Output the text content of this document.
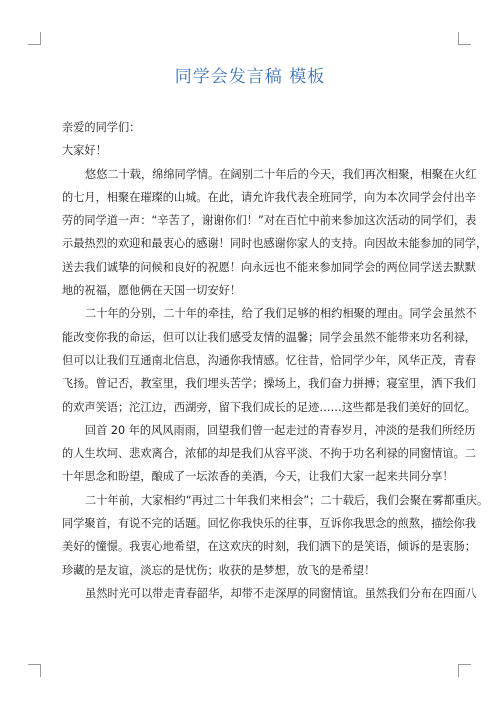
同学会发言稿 模板
亲爱的同学们：
大家好！
悠悠二十载，绵绵同学情。在阔别二十年后的今天，我们再次相聚，相聚在火红
的七月，相聚在璀璨的山城。在此，请允许我代表全班同学，向为本次同学会付出辛
劳的同学道一声：“辛苦了，谢谢你们！”对在百忙中前来参加这次活动的同学们，表
示最热烈的欢迎和最衷心的感谢！同时也感谢你家人的支持。向因故未能参加的同学，
送去我们诚挚的问候和良好的祝愿！向永远也不能来参加同学会的两位同学送去默默
地的祝福，愿他俩在天国一切安好！
二十年的分别，二十年的牵挂，给了我们足够的相约相聚的理由。同学会虽然不
能改变你我的命运，但可以让我们感受友情的温馨；同学会虽然不能带来功名利禄，
但可以让我们互通南北信息，沟通你我情感。忆往昔，恰同学少年，风华正茂，青春
飞扬。曾记否，教室里，我们埋头苦学；操场上，我们奋力拼搏；寝室里，洒下我们
的欢声笑语；沱江边，西湖旁，留下我们成长的足迹……这些都是我们美好的回忆。
回首 20 年的风风雨雨，回望我们曾一起走过的青春岁月，冲淡的是我们所经历
的人生坎坷、悲欢离合，浓郁的却是我们从容平淡、不拘于功名利禄的同窗情谊。二
十年思念和盼望，酿成了一坛浓香的美酒，今天，让我们大家一起来共同分享！
二十年前，大家相约“再过二十年我们来相会”；二十载后，我们会聚在雾都重庆。
同学聚首，有说不完的话题。回忆你我快乐的往事，互诉你我思念的煎熬，描绘你我
美好的憧憬。我衷心地希望，在这欢庆的时刻，我们洒下的是笑语，倾诉的是衷肠；
珍藏的是友谊，淡忘的是忧伤；收获的是梦想，放飞的是希望！
虽然时光可以带走青春韶华，却带不走深厚的同窗情谊。虽然我们分布在四面八
